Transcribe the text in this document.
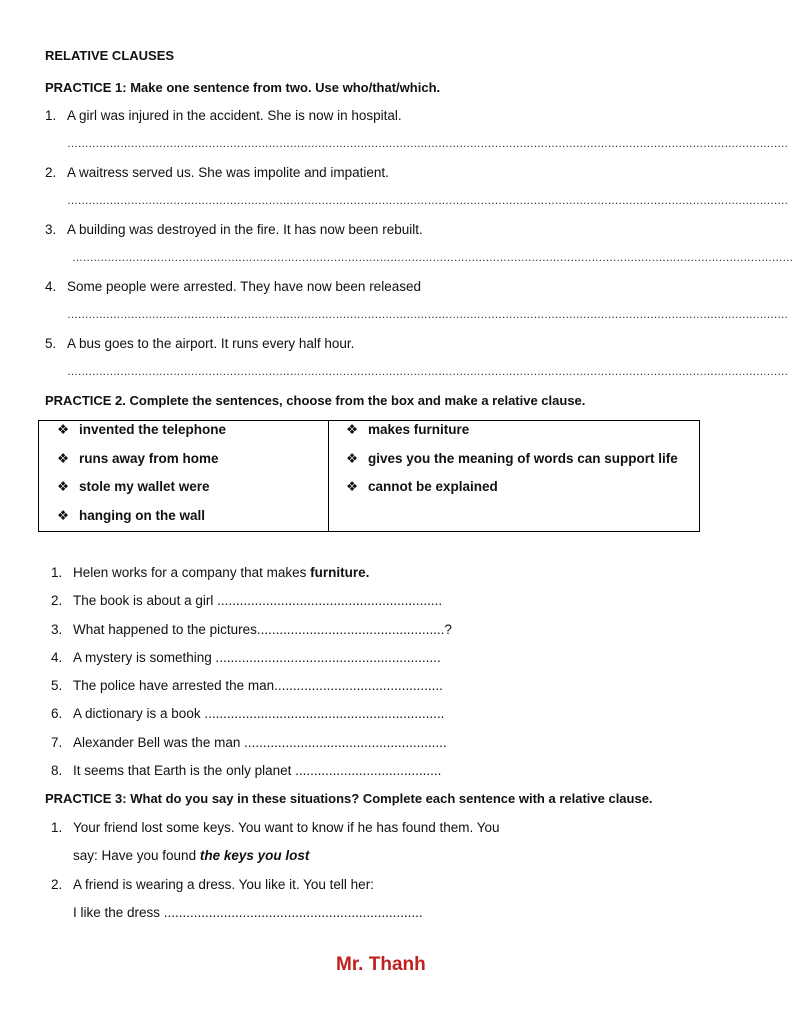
RELATIVE CLAUSES
PRACTICE 1: Make one sentence from two. Use who/that/which.
1. A girl was injured in the accident. She is now in hospital.
……………………………………………………………………………………………………………………………………………………………………………………
2. A waitress served us. She was impolite and impatient.
……………………………………………………………………………………………………………………………………………………………………………………
3. A building was destroyed in the fire. It has now been rebuilt.
……………………………………………………………………………………………………………………………………………………………………………………
4. Some people were arrested. They have now been released
……………………………………………………………………………………………………………………………………………………………………………………
5. A bus goes to the airport. It runs every half hour.
……………………………………………………………………………………………………………………………………………………………………………………
PRACTICE 2. Complete the sentences, choose from the box and make a relative clause.
❖ invented the telephone
❖ runs away from home
❖ stole my wallet were
❖ hanging on the wall
❖ makes furniture
❖ gives you the meaning of words can support life
❖ cannot be explained
1. Helen works for a company that makes furniture.
2. The book is about a girl ............................................................
3. What happened to the pictures..................................................?
4. A mystery is something ............................................................
5. The police have arrested the man.............................................
6. A dictionary is a book ................................................................
7. Alexander Bell was the man ......................................................
8. It seems that Earth is the only planet .......................................
PRACTICE 3: What do you say in these situations? Complete each sentence with a relative clause.
1. Your friend lost some keys. You want to know if he has found them. You
say: Have you found the keys you lost
2. A friend is wearing a dress. You like it. You tell her:
I like the dress .....................................................................
Mr. Thanh
